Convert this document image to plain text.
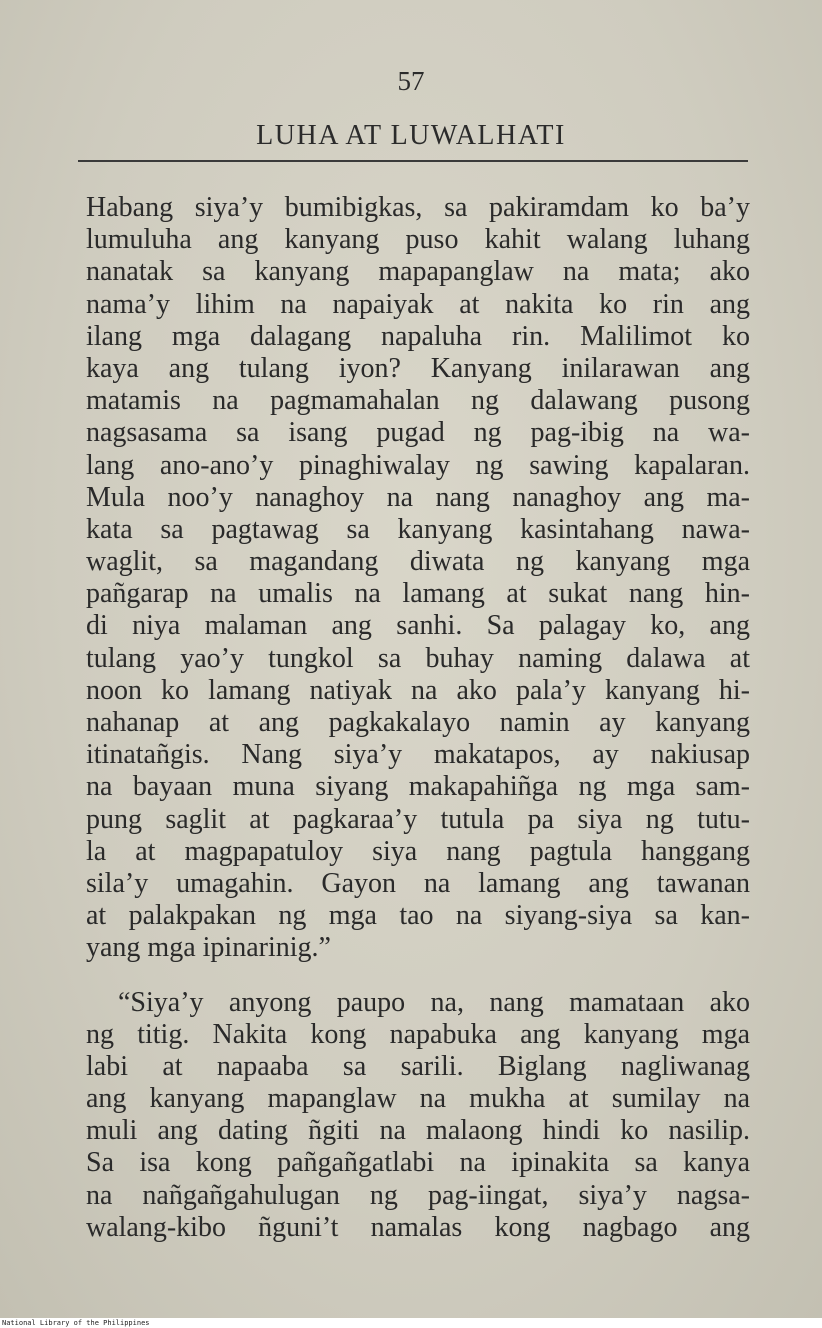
57
LUHA AT LUWALHATI
Habang siya’y bumibigkas, sa pakiramdam ko ba’y
lumuluha ang kanyang puso kahit walang luhang
nanatak sa kanyang mapapanglaw na mata; ako
nama’y lihim na napaiyak at nakita ko rin ang
ilang mga dalagang napaluha rin. Malilimot ko
kaya ang tulang iyon? Kanyang inilarawan ang
matamis na pagmamahalan ng dalawang pusong
nagsasama sa isang pugad ng pag-ibig na wa-
lang ano-ano’y pinaghiwalay ng sawing kapalaran.
Mula noo’y nanaghoy na nang nanaghoy ang ma-
kata sa pagtawag sa kanyang kasintahang nawa-
waglit, sa magandang diwata ng kanyang mga
pañgarap na umalis na lamang at sukat nang hin-
di niya malaman ang sanhi. Sa palagay ko, ang
tulang yao’y tungkol sa buhay naming dalawa at
noon ko lamang natiyak na ako pala’y kanyang hi-
nahanap at ang pagkakalayo namin ay kanyang
itinatañgis. Nang siya’y makatapos, ay nakiusap
na bayaan muna siyang makapahiñga ng mga sam-
pung saglit at pagkaraa’y tutula pa siya ng tutu-
la at magpapatuloy siya nang pagtula hanggang
sila’y umagahin. Gayon na lamang ang tawanan
at palakpakan ng mga tao na siyang-siya sa kan-
yang mga ipinarinig.”
“Siya’y anyong paupo na, nang mamataan ako
ng titig. Nakita kong napabuka ang kanyang mga
labi at napaaba sa sarili. Biglang nagliwanag
ang kanyang mapanglaw na mukha at sumilay na
muli ang dating ñgiti na malaong hindi ko nasilip.
Sa isa kong pañgañgatlabi na ipinakita sa kanya
na nañgañgahulugan ng pag-iingat, siya’y nagsa-
walang-kibo ñguni’t namalas kong nagbago ang
National Library of the Philippines
